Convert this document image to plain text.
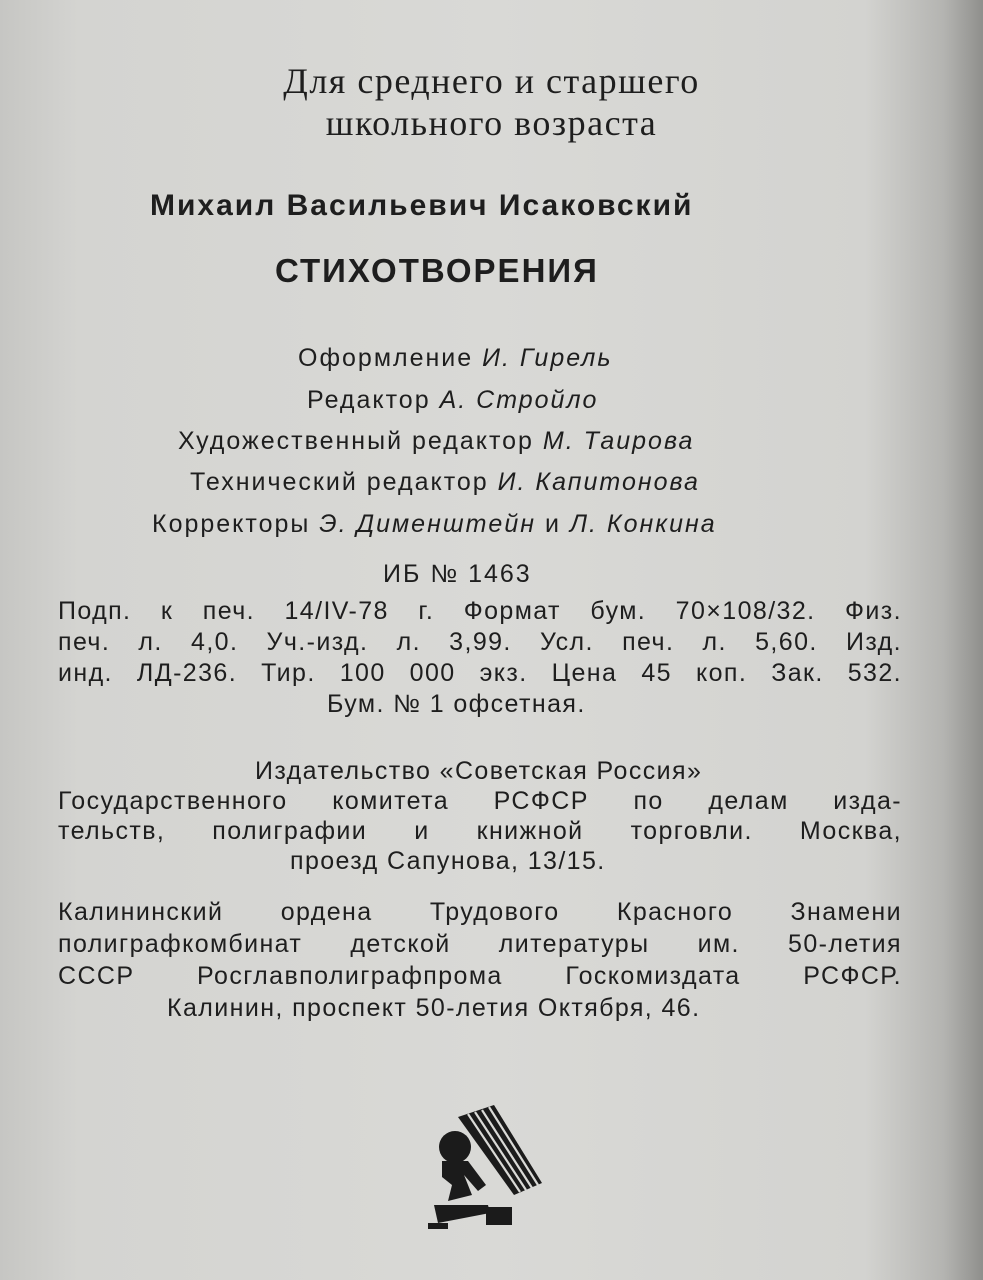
Для среднего и старшего
школьного возраста
Михаил Васильевич Исаковский
СТИХОТВОРЕНИЯ
Оформление И. Гирель
Редактор А. Стройло
Художественный редактор М. Таирова
Технический редактор И. Капитонова
Корректоры Э. Дименштейн и Л. Конкина
ИБ № 1463
Подп. к печ. 14/IV-78 г. Формат бум. 70×108/32. Физ.
печ. л. 4,0. Уч.-изд. л. 3,99. Усл. печ. л. 5,60. Изд.
инд. ЛД-236. Тир. 100 000 экз. Цена 45 коп. Зак. 532.
Бум. № 1 офсетная.
Издательство «Советская Россия»
Государственного комитета РСФСР по делам изда-
тельств, полиграфии и книжной торговли. Москва,
проезд Сапунова, 13/15.
Калининский ордена Трудового Красного Знамени
полиграфкомбинат детской литературы им. 50-летия
СССР Росглавполиграфпрома Госкомиздата РСФСР.
Калинин, проспект 50-летия Октября, 46.
